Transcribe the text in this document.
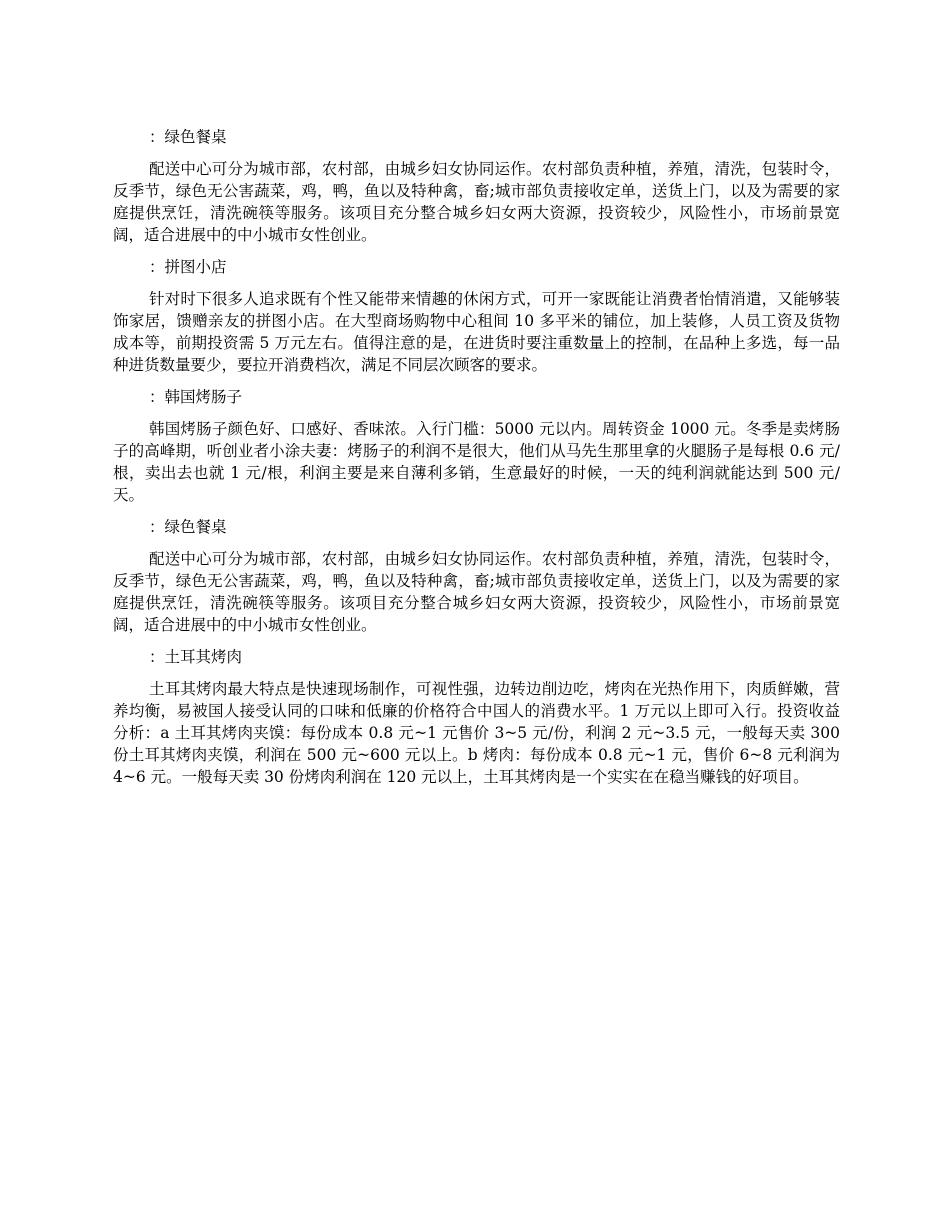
：绿色餐桌

配送中心可分为城市部，农村部，由城乡妇女协同运作。农村部负责种植，养殖，清洗，包装时令，反季节，绿色无公害蔬菜，鸡，鸭，鱼以及特种禽，畜;城市部负责接收定单，送货上门，以及为需要的家庭提供烹饪，清洗碗筷等服务。该项目充分整合城乡妇女两大资源，投资较少，风险性小，市场前景宽阔，适合进展中的中小城市女性创业。

：拼图小店

针对时下很多人追求既有个性又能带来情趣的休闲方式，可开一家既能让消费者怡情消遣，又能够装饰家居，馈赠亲友的拼图小店。在大型商场购物中心租间 10 多平米的铺位，加上装修，人员工资及货物成本等，前期投资需 5 万元左右。值得注意的是，在进货时要注重数量上的控制，在品种上多选，每一品种进货数量要少，要拉开消费档次，满足不同层次顾客的要求。

：韩国烤肠子

韩国烤肠子颜色好、口感好、香味浓。入行门槛：5000 元以内。周转资金 1000 元。冬季是卖烤肠子的高峰期，听创业者小涂夫妻：烤肠子的利润不是很大，他们从马先生那里拿的火腿肠子是每根 0.6 元/根，卖出去也就 1 元/根，利润主要是来自薄利多销，生意最好的时候，一天的纯利润就能达到 500 元/天。

：绿色餐桌

配送中心可分为城市部，农村部，由城乡妇女协同运作。农村部负责种植，养殖，清洗，包装时令，反季节，绿色无公害蔬菜，鸡，鸭，鱼以及特种禽，畜;城市部负责接收定单，送货上门，以及为需要的家庭提供烹饪，清洗碗筷等服务。该项目充分整合城乡妇女两大资源，投资较少，风险性小，市场前景宽阔，适合进展中的中小城市女性创业。

：土耳其烤肉

土耳其烤肉最大特点是快速现场制作，可视性强，边转边削边吃，烤肉在光热作用下，肉质鲜嫩，营养均衡，易被国人接受认同的口味和低廉的价格符合中国人的消费水平。1 万元以上即可入行。投资收益分析：a 土耳其烤肉夹馍：每份成本 0.8 元~1 元售价 3~5 元/份，利润 2 元~3.5 元，一般每天卖 300 份土耳其烤肉夹馍，利润在 500 元~600 元以上。b 烤肉：每份成本 0.8 元~1 元，售价 6~8 元利润为 4~6 元。一般每天卖 30 份烤肉利润在 120 元以上，土耳其烤肉是一个实实在在稳当赚钱的好项目。
